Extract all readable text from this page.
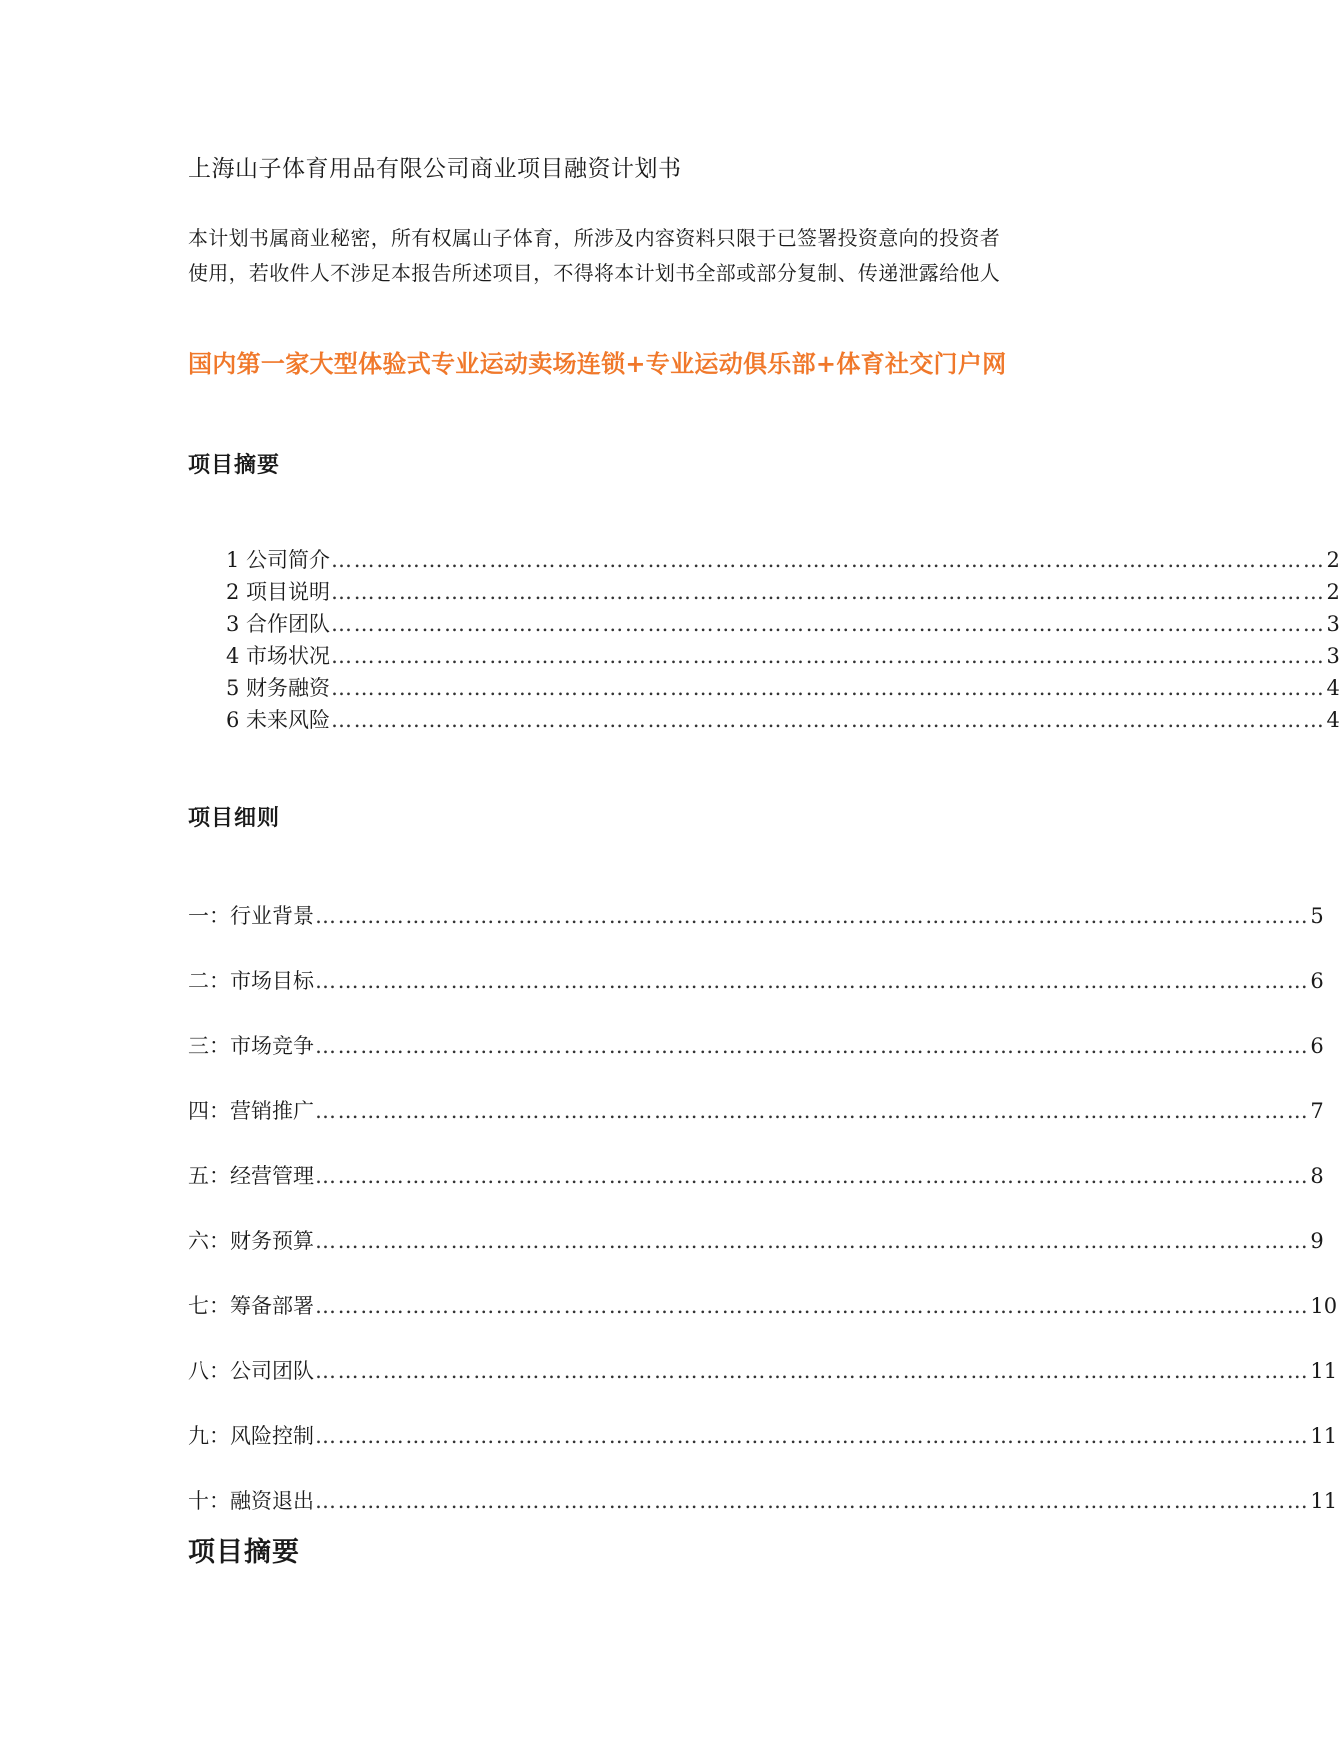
上海山子体育用品有限公司商业项目融资计划书
本计划书属商业秘密，所有权属山子体育，所涉及内容资料只限于已签署投资意向的投资者
使用，若收件人不涉足本报告所述项目，不得将本计划书全部或部分复制、传递泄露给他人
国内第一家大型体验式专业运动卖场连锁+专业运动俱乐部+体育社交门户网
项目摘要
1 公司简介 …………………………………………………………………………………………………………………… 2
2 项目说明 …………………………………………………………………………………………………………………… 2
3 合作团队 …………………………………………………………………………………………………………………… 3
4 市场状况 …………………………………………………………………………………………………………………… 3
5 财务融资 …………………………………………………………………………………………………………………… 4
6 未来风险 …………………………………………………………………………………………………………………… 4
项目细则
一：行业背景 …………………………………………………………………………………………………………………… 5
二：市场目标 …………………………………………………………………………………………………………………… 6
三：市场竞争 …………………………………………………………………………………………………………………… 6
四：营销推广 …………………………………………………………………………………………………………………… 7
五：经营管理 …………………………………………………………………………………………………………………… 8
六：财务预算 …………………………………………………………………………………………………………………… 9
七：筹备部署 …………………………………………………………………………………………………………………… 10
八：公司团队 …………………………………………………………………………………………………………………… 11
九：风险控制 …………………………………………………………………………………………………………………… 11
十：融资退出 …………………………………………………………………………………………………………………… 11
项目摘要
